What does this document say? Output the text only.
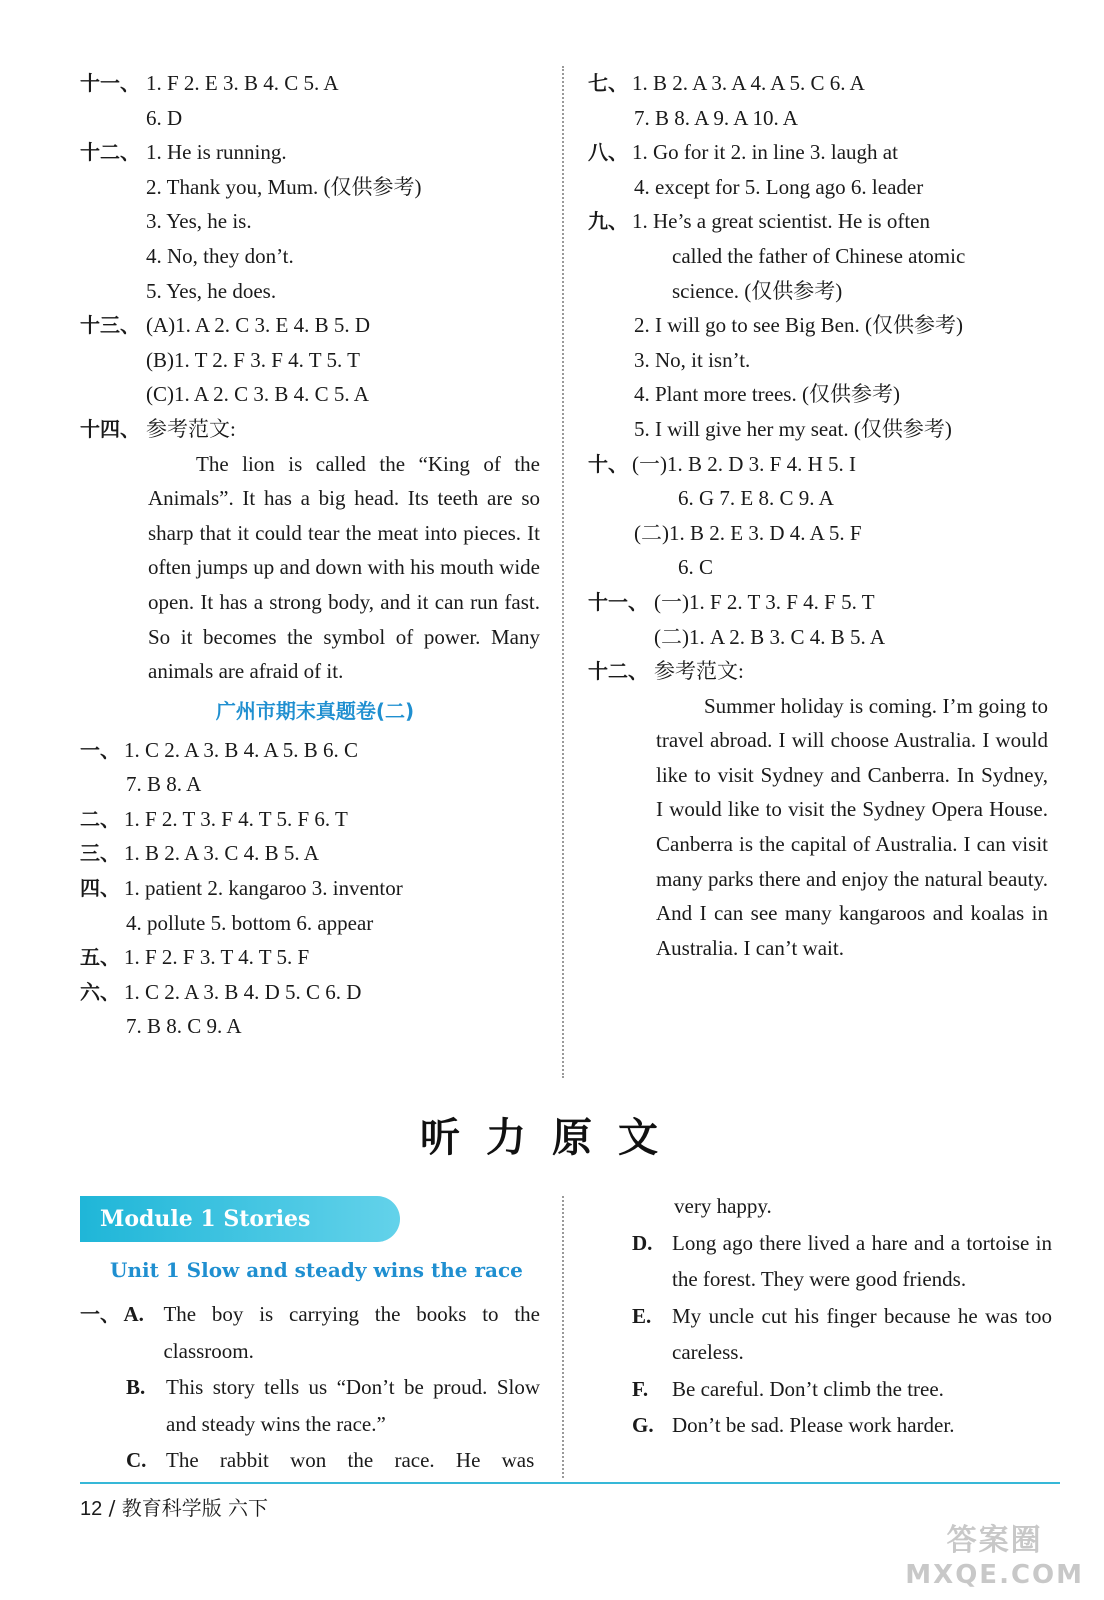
十一、 1. F 2. E 3. B 4. C 5. A
6. D
十二、 1. He is running.
2. Thank you, Mum. (仅供参考)
3. Yes, he is.
4. No, they don’t.
5. Yes, he does.
十三、 (A)1. A 2. C 3. E 4. B 5. D
(B)1. T 2. F 3. F 4. T 5. T
(C)1. A 2. C 3. B 4. C 5. A
十四、 参考范文:
The lion is called the “King of the Animals”. It has a big head. Its teeth are so sharp that it could tear the meat into pieces. It often jumps up and down with his mouth wide open. It has a strong body, and it can run fast. So it becomes the symbol of power. Many animals are afraid of it.
广州市期末真题卷(二)
一、 1. C 2. A 3. B 4. A 5. B 6. C
7. B 8. A
二、 1. F 2. T 3. F 4. T 5. F 6. T
三、 1. B 2. A 3. C 4. B 5. A
四、 1. patient 2. kangaroo 3. inventor
4. pollute 5. bottom 6. appear
五、 1. F 2. F 3. T 4. T 5. F
六、 1. C 2. A 3. B 4. D 5. C 6. D
7. B 8. C 9. A
七、 1. B 2. A 3. A 4. A 5. C 6. A
7. B 8. A 9. A 10. A
八、 1. Go for it 2. in line 3. laugh at
4. except for 5. Long ago 6. leader
九、 1. He’s a great scientist. He is often
called the father of Chinese atomic
science. (仅供参考)
2. I will go to see Big Ben. (仅供参考)
3. No, it isn’t.
4. Plant more trees. (仅供参考)
5. I will give her my seat. (仅供参考)
十、 (一)1. B 2. D 3. F 4. H 5. I
6. G 7. E 8. C 9. A
(二)1. B 2. E 3. D 4. A 5. F
6. C
十一、 (一)1. F 2. T 3. F 4. F 5. T
(二)1. A 2. B 3. C 4. B 5. A
十二、 参考范文:
Summer holiday is coming. I’m going to travel abroad. I will choose Australia. I would like to visit Sydney and Canberra. In Sydney, I would like to visit the Sydney Opera House. Canberra is the capital of Australia. I can visit many parks there and enjoy the natural beauty. And I can see many kangaroos and koalas in Australia. I can’t wait.
听力原文
Module 1 Stories
Unit 1 Slow and steady wins the race
一、 A. The boy is carrying the books to the classroom.
B. This story tells us “Don’t be proud. Slow and steady wins the race.”
C. The rabbit won the race. He was
very happy.
D. Long ago there lived a hare and a tortoise in the forest. They were good friends.
E. My uncle cut his finger because he was too careless.
F.	Be careful. Don’t climb the tree.
G. Don’t be sad. Please work harder.
12 / 教育科学版 六下
答案圈
MXQE.COM
